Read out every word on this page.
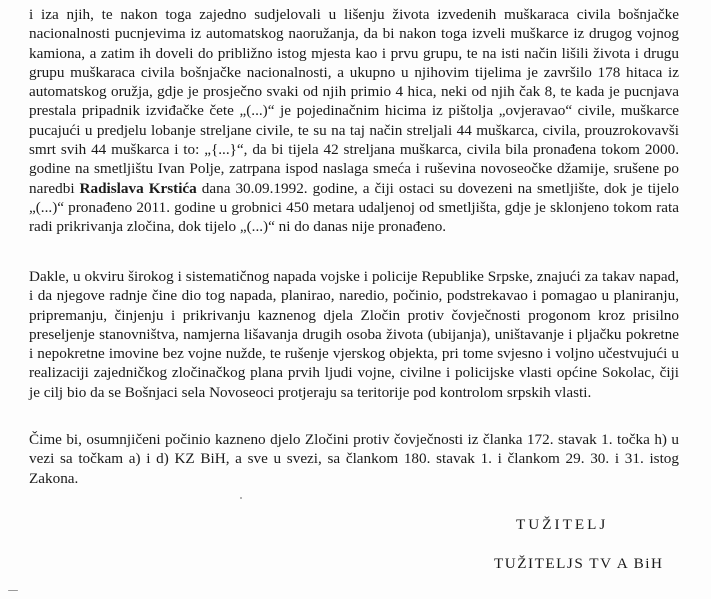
i iza njih, te nakon toga zajedno sudjelovali u lišenju života izvedenih muškaraca civila bošnjačke nacionalnosti pucnjevima iz automatskog naoružanja, da bi nakon toga izveli muškarce iz drugog vojnog kamiona, a zatim ih doveli do približno istog mjesta kao i prvu grupu, te na isti način lišili života i drugu grupu muškaraca civila bošnjačke nacionalnosti, a ukupno u njihovim tijelima je završilo 178 hitaca iz automatskog oružja, gdje je prosječno svaki od njih primio 4 hica, neki od njih čak 8, te kada je pucnjava prestala pripadnik izviđačke čete „(...)“ je pojedinačnim hicima iz pištolja „ovjeravao“ civile, muškarce pucajući u predjelu lobanje streljane civile, te su na taj način streljali 44 muškarca, civila, prouzrokovavši smrt svih 44 muškarca i to: „{...}“, da bi tijela 42 streljana muškarca, civila bila pronađena tokom 2000. godine na smetljištu Ivan Polje, zatrpana ispod naslaga smeća i ruševina novoseočke džamije, srušene po naredbi Radislava Krstića dana 30.09.1992. godine, a čiji ostaci su dovezeni na smetljište, dok je tijelo „(...)“ pronađeno 2011. godine u grobnici 450 metara udaljenoj od smetljišta, gdje je sklonjeno tokom rata radi prikrivanja zločina, dok tijelo „(...)“ ni do danas nije pronađeno.

Dakle, u okviru širokog i sistematičnog napada vojske i policije Republike Srpske, znajući za takav napad, i da njegove radnje čine dio tog napada, planirao, naredio, počinio, podstrekavao i pomagao u planiranju, pripremanju, činjenju i prikrivanju kaznenog djela Zločin protiv čovječnosti progonom kroz prisilno preseljenje stanovništva, namjerna lišavanja drugih osoba života (ubijanja), uništavanje i pljačku pokretne i nepokretne imovine bez vojne nužde, te rušenje vjerskog objekta, pri tome svjesno i voljno učestvujući u realizaciji zajedničkog zločinačkog plana prvih ljudi vojne, civilne i policijske vlasti općine Sokolac, čiji je cilj bio da se Bošnjaci sela Novoseoci protjeraju sa teritorije pod kontrolom srpskih vlasti.

Čime bi, osumnjičeni počinio kazneno djelo Zločini protiv čovječnosti iz članka 172. stavak 1. točka h) u vezi sa točkam a) i d) KZ BiH, a sve u svezi, sa člankom 180. stavak 1. i člankom 29. 30. i 31. istog Zakona.

TUŽITELJ

TUŽITELJS TV A BiH
